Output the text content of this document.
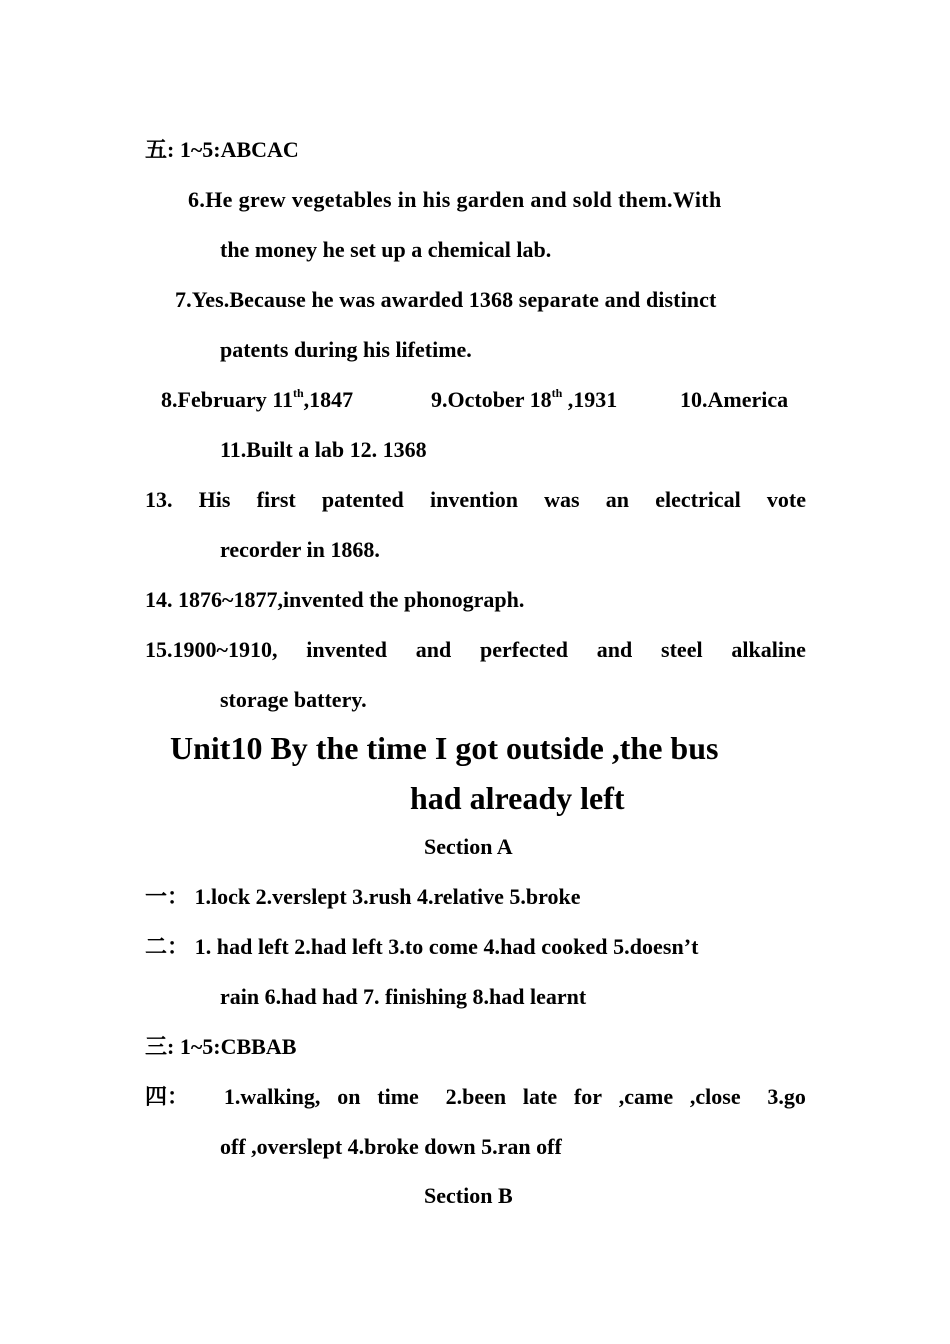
五: 1~5:ABCAC
6.He grew vegetables in his garden and sold them.With
the money he set up a chemical lab.
7.Yes.Because he was awarded 1368 separate and distinct
patents during his lifetime.
8.February 11th,1847	9.October 18th ,1931	10.America
11.Built a lab 12. 1368
13. His first patented invention was an electrical vote
recorder in 1868.
14. 1876~1877,invented the phonograph.
15.1900~1910, invented and perfected and steel alkaline
storage battery.
Unit10 By the time I got outside ,the bus
had already left
Section A
一： 1.lock 2.verslept 3.rush 4.relative 5.broke
二： 1. had left 2.had left 3.to come 4.had cooked 5.doesn’t
rain 6.had had 7. finishing 8.had learnt
三: 1~5:CBBAB
四： 1.walking, on time 2.been late for ,came ,close 3.go
off ,overslept 4.broke down 5.ran off
Section B
